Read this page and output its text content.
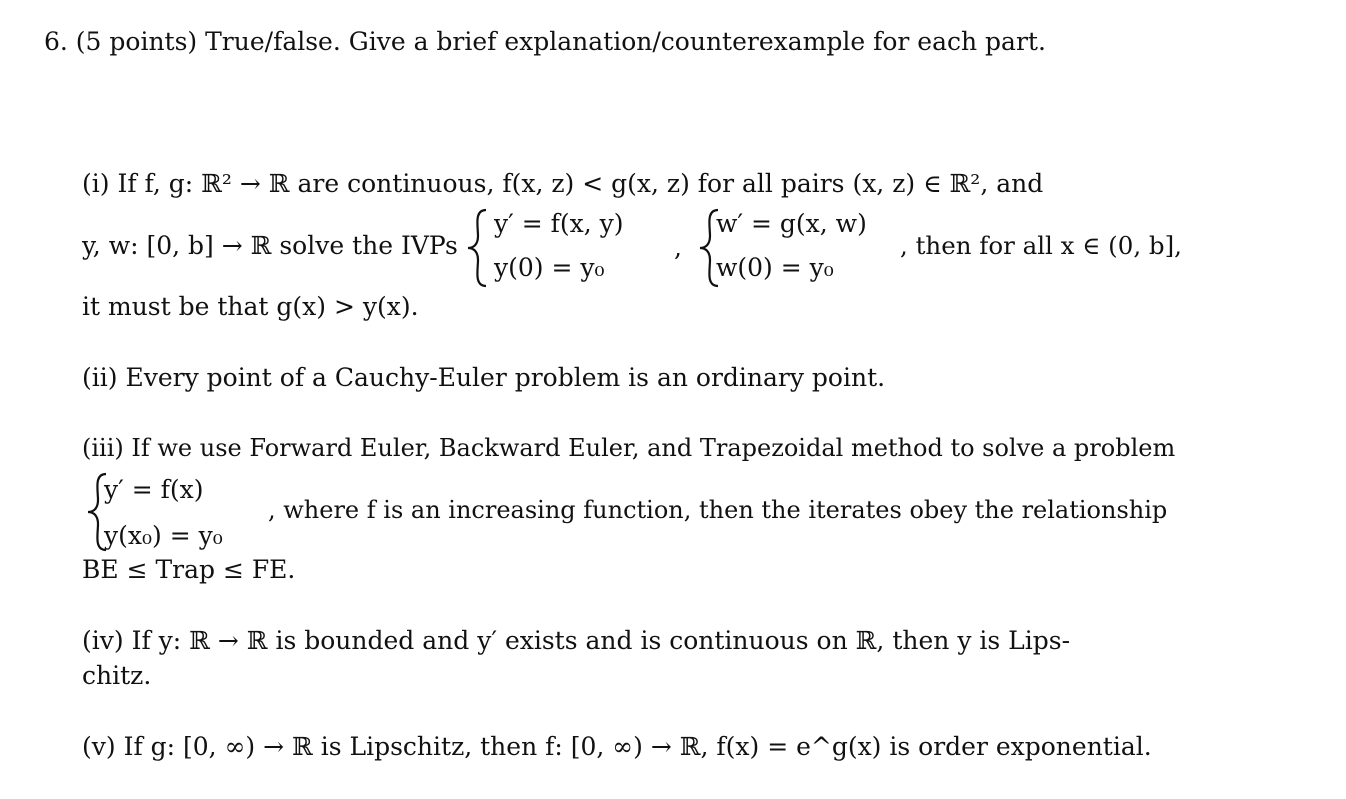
6. (5 points) True/false. Give a brief explanation/counterexample for each part.
(i) If f, g: ℝ² → ℝ are continuous, f(x, z) < g(x, z) for all pairs (x, z) ∈ ℝ², and
y, w: [0, b] → ℝ solve the IVPs
y′ = f(x, y)
y(0) = y₀
,
w′ = g(x, w)
w(0) = y₀
, then for all x ∈ (0, b],
it must be that g(x) > y(x).
(ii) Every point of a Cauchy-Euler problem is an ordinary point.
(iii) If we use Forward Euler, Backward Euler, and Trapezoidal method to solve a problem
y′ = f(x)
y(x₀) = y₀
, where f is an increasing function, then the iterates obey the relationship
BE ≤ Trap ≤ FE.
(iv) If y: ℝ → ℝ is bounded and y′ exists and is continuous on ℝ, then y is Lips-
chitz.
(v) If g: [0, ∞) → ℝ is Lipschitz, then f: [0, ∞) → ℝ, f(x) = e^g(x) is order exponential.
